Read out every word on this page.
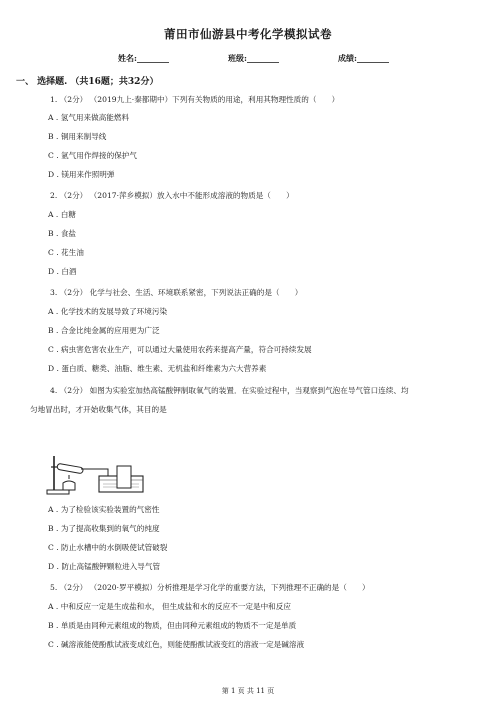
莆田市仙游县中考化学模拟试卷
姓名:________	班级:________	成绩:________
一、 选择题. （共16题；共32分）
1. （2分） （2019九上·秦都期中）下列有关物质的用途，利用其物理性质的（　　）
A . 氢气用来做高能燃料
B . 铜用来制导线
C . 氩气用作焊接的保护气
D . 镁用来作照明弹
2. （2分） （2017·萍乡模拟）放入水中不能形成溶液的物质是（　　）
A . 白糖
B . 食盐
C . 花生油
D . 白酒
3. （2分） 化学与社会、生活、环境联系紧密，下列说法正确的是（　　）
A . 化学技术的发展导致了环境污染
B . 合金比纯金属的应用更为广泛
C . 病虫害危害农业生产，可以通过大量使用农药来提高产量，符合可持续发展
D . 蛋白质、糖类、油脂、维生素、无机盐和纤维素为六大营养素
4. （2分） 如图为实验室加热高锰酸钾制取氧气的装置．在实验过程中，当观察到气泡在导气管口连续、均
匀地冒出时，才开始收集气体，其目的是
A . 为了检验该实验装置的气密性
B . 为了提高收集到的氧气的纯度
C . 防止水槽中的水倒吸使试管破裂
D . 防止高锰酸钾颗粒进入导气管
5. （2分） （2020·罗平模拟）分析推理是学习化学的重要方法，下列推理不正确的是（　　）
A . 中和反应一定是生成盐和水， 但生成盐和水的反应不一定是中和反应
B . 单质是由同种元素组成的物质，但由同种元素组成的物质不一定是单质
C . 碱溶液能使酚酞试液变成红色，则能使酚酞试液变红的溶液一定是碱溶液
第 1 页 共 11 页
